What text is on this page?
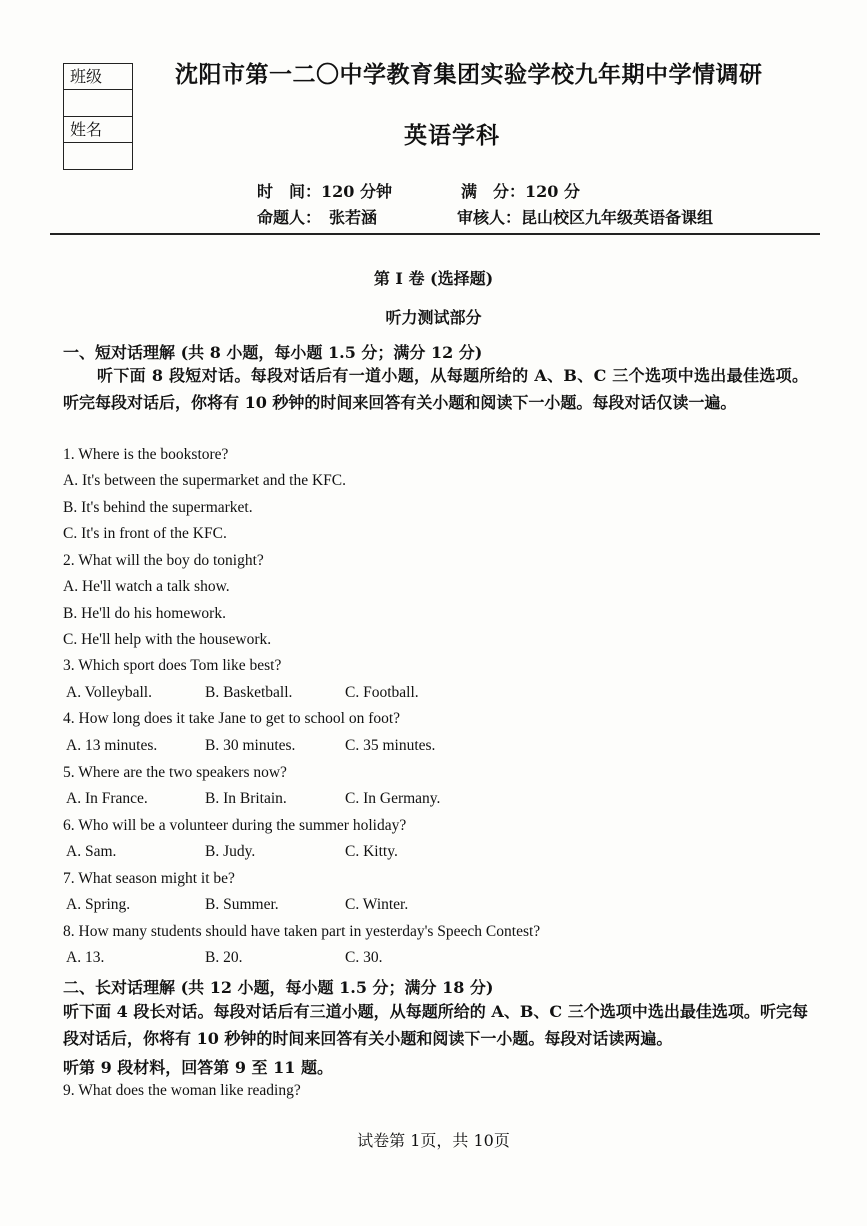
班级
姓名
沈阳市第一二〇中学教育集团实验学校九年期中学情调研
英语学科
时　间：120 分钟	满　分：120 分
命题人：　张若涵	审核人：昆山校区九年级英语备课组
第 I 卷 (选择题)
听力测试部分
一、短对话理解 (共 8 小题，每小题 1.5 分；满分 12 分)
听下面 8 段短对话。每段对话后有一道小题，从每题所给的 A、B、C 三个选项中选出最佳选项。听完每段对话后，你将有 10 秒钟的时间来回答有关小题和阅读下一小题。每段对话仅读一遍。
1. Where is the bookstore?
A. It's between the supermarket and the KFC.
B. It's behind the supermarket.
C. It's in front of the KFC.
2. What will the boy do tonight?
A. He'll watch a talk show.
B. He'll do his homework.
C. He'll help with the housework.
3. Which sport does Tom like best?
A. Volleyball.	B. Basketball.	C. Football.
4. How long does it take Jane to get to school on foot?
A. 13 minutes.	B. 30 minutes.	C. 35 minutes.
5. Where are the two speakers now?
A. In France.	B. In Britain.	C. In Germany.
6. Who will be a volunteer during the summer holiday?
A. Sam.	B. Judy.	C. Kitty.
7. What season might it be?
A. Spring.	B. Summer.	C. Winter.
8. How many students should have taken part in yesterday's Speech Contest?
A. 13.	B. 20.	C. 30.
二、长对话理解 (共 12 小题，每小题 1.5 分；满分 18 分)
听下面 4 段长对话。每段对话后有三道小题，从每题所给的 A、B、C 三个选项中选出最佳选项。听完每段对话后，你将有 10 秒钟的时间来回答有关小题和阅读下一小题。每段对话读两遍。
听第 9 段材料，回答第 9 至 11 题。
9. What does the woman like reading?
试卷第 1页，共 10页
